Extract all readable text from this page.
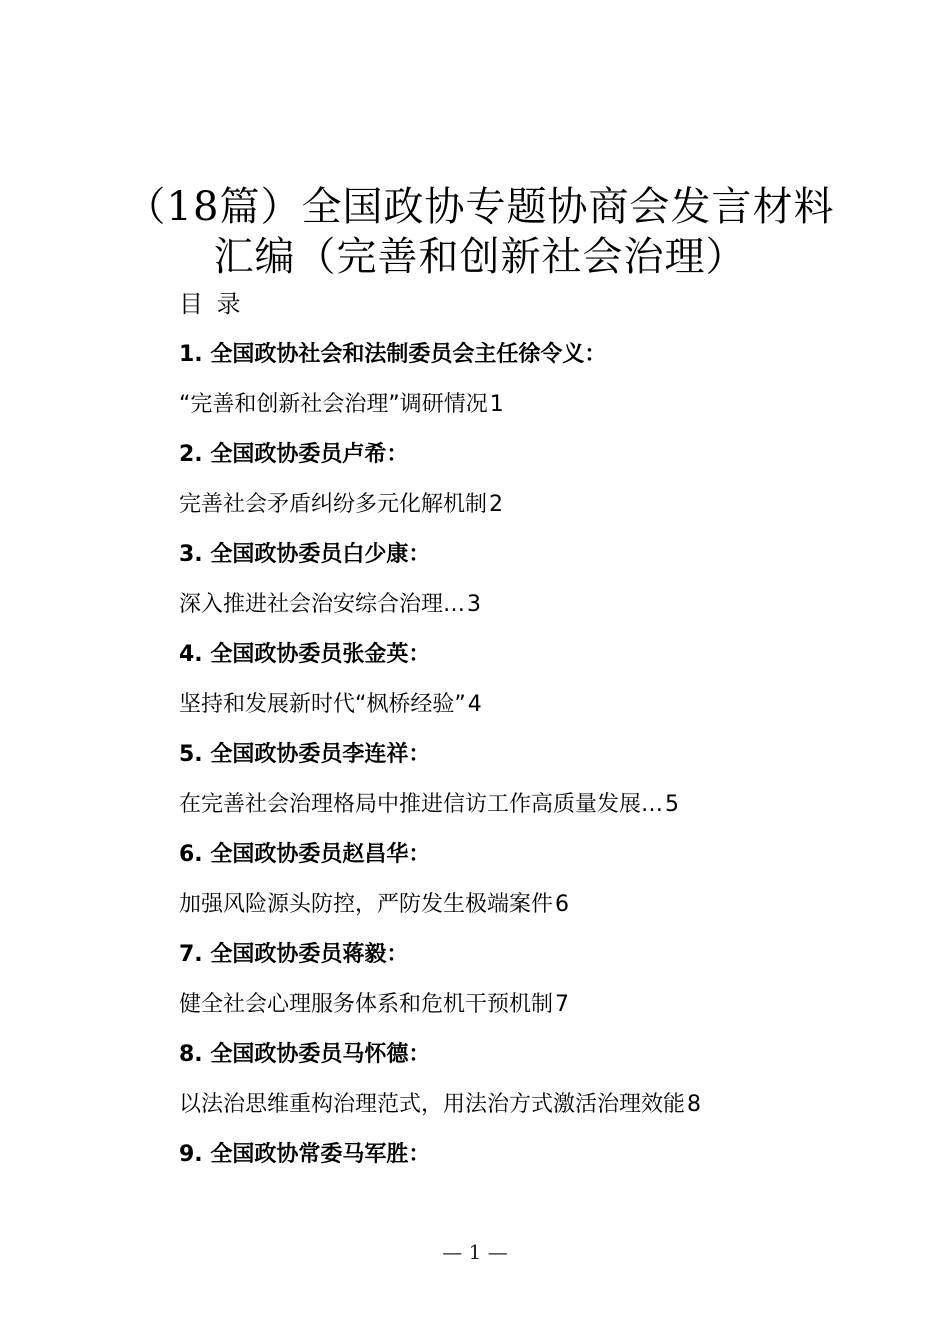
（18篇）全国政协专题协商会发言材料
汇编（完善和创新社会治理）
目 录
1. 全国政协社会和法制委员会主任徐令义：
“完善和创新社会治理”调研情况1
2. 全国政协委员卢希：
完善社会矛盾纠纷多元化解机制2
3. 全国政协委员白少康：
深入推进社会治安综合治理…3
4. 全国政协委员张金英：
坚持和发展新时代“枫桥经验”4
5. 全国政协委员李连祥：
在完善社会治理格局中推进信访工作高质量发展…5
6. 全国政协委员赵昌华：
加强风险源头防控，严防发生极端案件6
7. 全国政协委员蒋毅：
健全社会心理服务体系和危机干预机制7
8. 全国政协委员马怀德：
以法治思维重构治理范式，用法治方式激活治理效能8
9. 全国政协常委马军胜：
— 1 —
